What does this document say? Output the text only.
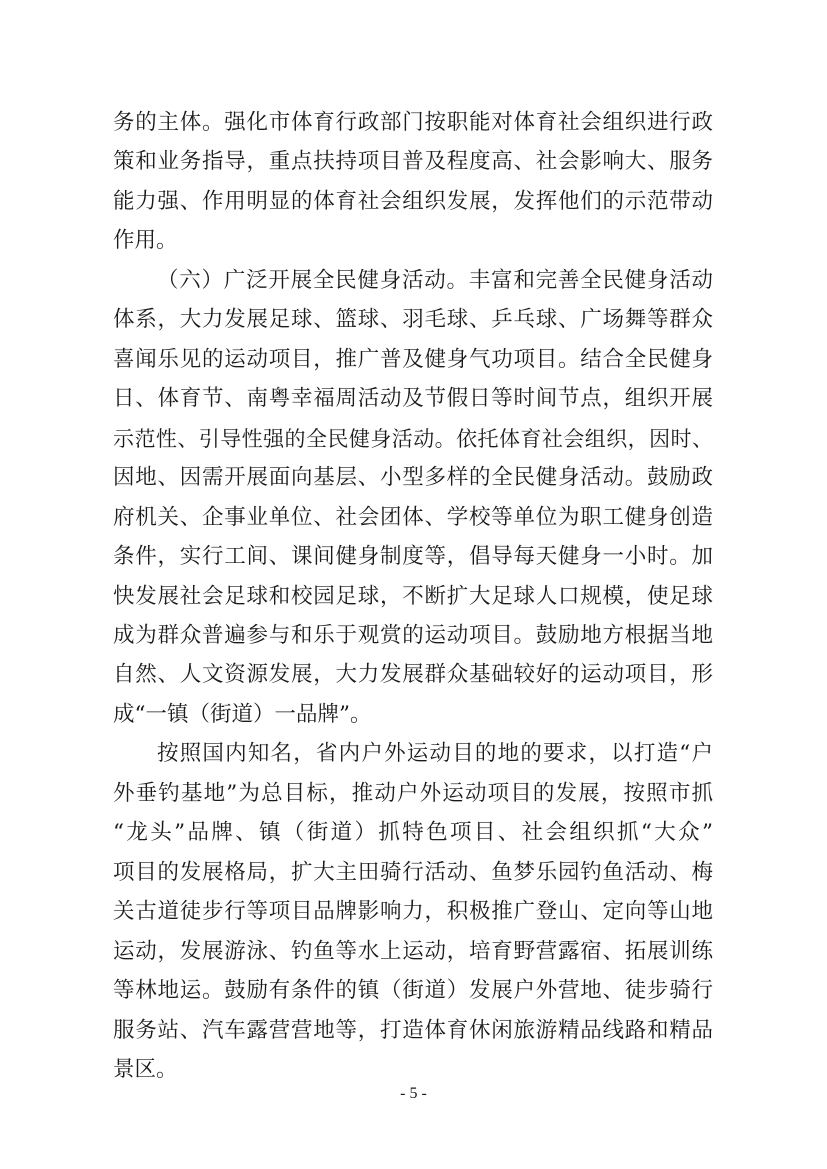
务的主体。强化市体育行政部门按职能对体育社会组织进行政
策和业务指导，重点扶持项目普及程度高、社会影响大、服务
能力强、作用明显的体育社会组织发展，发挥他们的示范带动
作用。
（六）广泛开展全民健身活动。丰富和完善全民健身活动
体系，大力发展足球、篮球、羽毛球、乒乓球、广场舞等群众
喜闻乐见的运动项目，推广普及健身气功项目。结合全民健身
日、体育节、南粤幸福周活动及节假日等时间节点，组织开展
示范性、引导性强的全民健身活动。依托体育社会组织，因时、
因地、因需开展面向基层、小型多样的全民健身活动。鼓励政
府机关、企事业单位、社会团体、学校等单位为职工健身创造
条件，实行工间、课间健身制度等，倡导每天健身一小时。加
快发展社会足球和校园足球，不断扩大足球人口规模，使足球
成为群众普遍参与和乐于观赏的运动项目。鼓励地方根据当地
自然、人文资源发展，大力发展群众基础较好的运动项目，形
成“一镇（街道）一品牌”。
按照国内知名，省内户外运动目的地的要求，以打造“户
外垂钓基地”为总目标，推动户外运动项目的发展，按照市抓
“龙头”品牌、镇（街道）抓特色项目、社会组织抓“大众”
项目的发展格局，扩大主田骑行活动、鱼梦乐园钓鱼活动、梅
关古道徒步行等项目品牌影响力，积极推广登山、定向等山地
运动，发展游泳、钓鱼等水上运动，培育野营露宿、拓展训练
等林地运。鼓励有条件的镇（街道）发展户外营地、徒步骑行
- 5 -
服务站、汽车露营营地等，打造体育休闲旅游精品线路和精品
景区。
